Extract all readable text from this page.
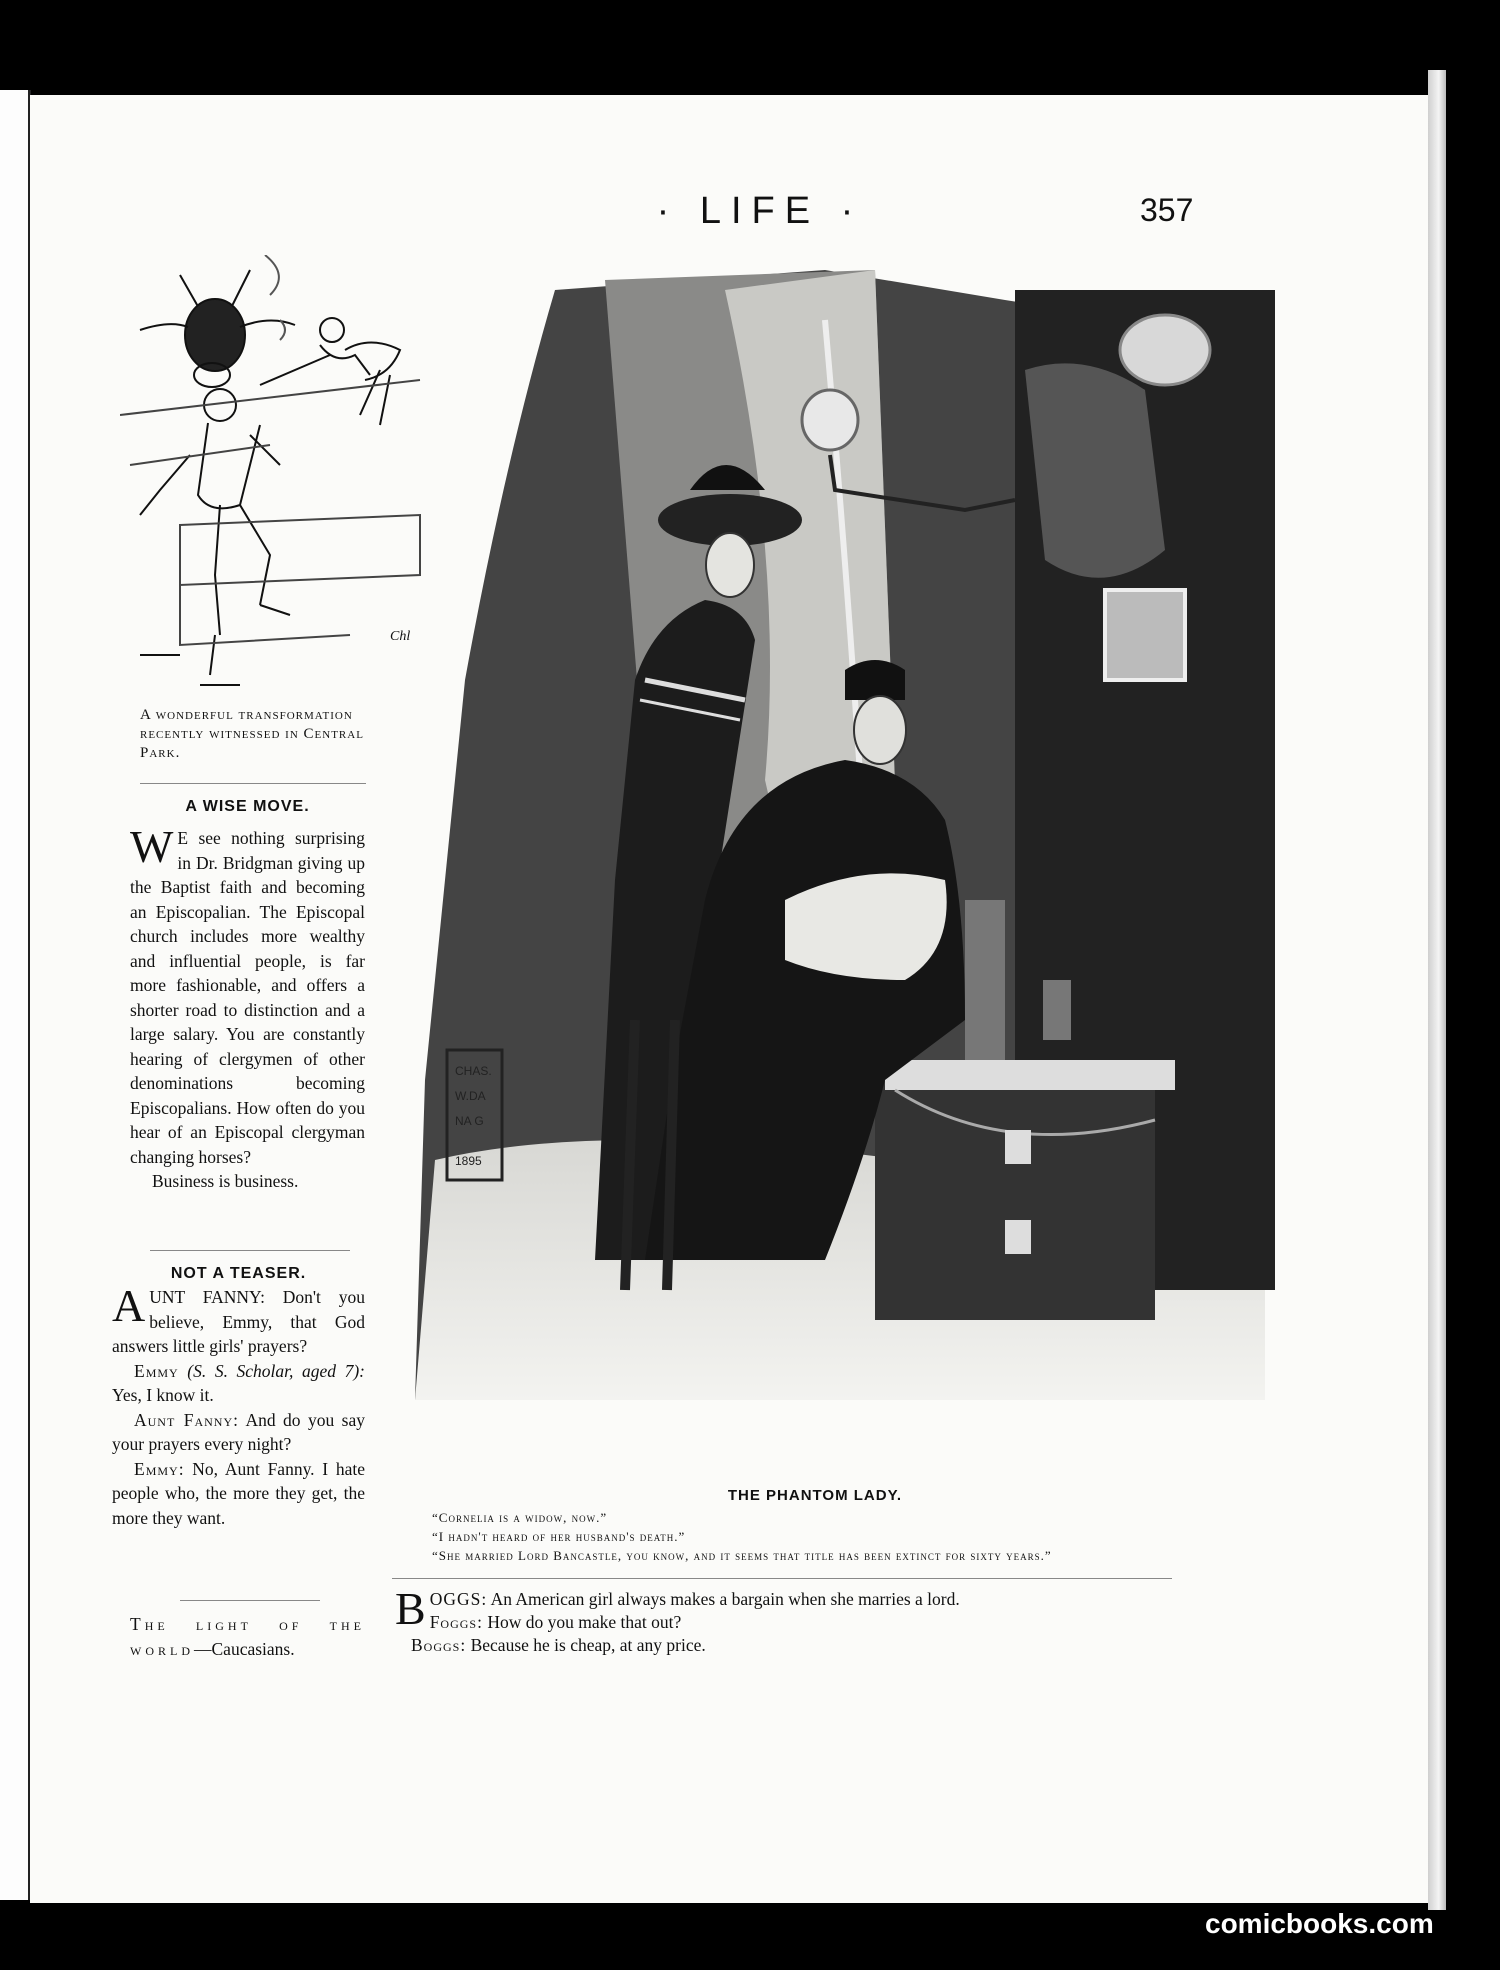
· LIFE ·	357
Chl
A wonderful transformation recently witnessed in Central Park.
A WISE MOVE.
W E see nothing surprising in Dr. Bridgman giving up the Baptist faith and becoming an Episcopalian. The Episcopal church includes more wealthy and influential people, is far more fashionable, and offers a shorter road to distinction and a large salary. You are constantly hearing of clergymen of other denominations becoming Episcopalians. How often do you hear of an Episcopal clergyman changing horses?
Business is business.
NOT A TEASER.
AUNT FANNY: Don't you believe, Emmy, that God answers little girls' prayers?
Emmy (S. S. Scholar, aged 7): Yes, I know it.
Aunt Fanny: And do you say your prayers every night?
Emmy: No, Aunt Fanny. I hate people who, the more they get, the more they want.
The light of the world—Caucasians.
CHAS.
W.DA
NA G
1895
THE PHANTOM LADY.
“Cornelia is a widow, now.”
“I hadn't heard of her husband's death.”
“She married Lord Bancastle, you know, and it seems that title has been extinct for sixty years.”
B OGGS: An American girl always makes a bargain when she marries a lord.
Foggs: How do you make that out?
Boggs: Because he is cheap, at any price.
comicbooks.com
